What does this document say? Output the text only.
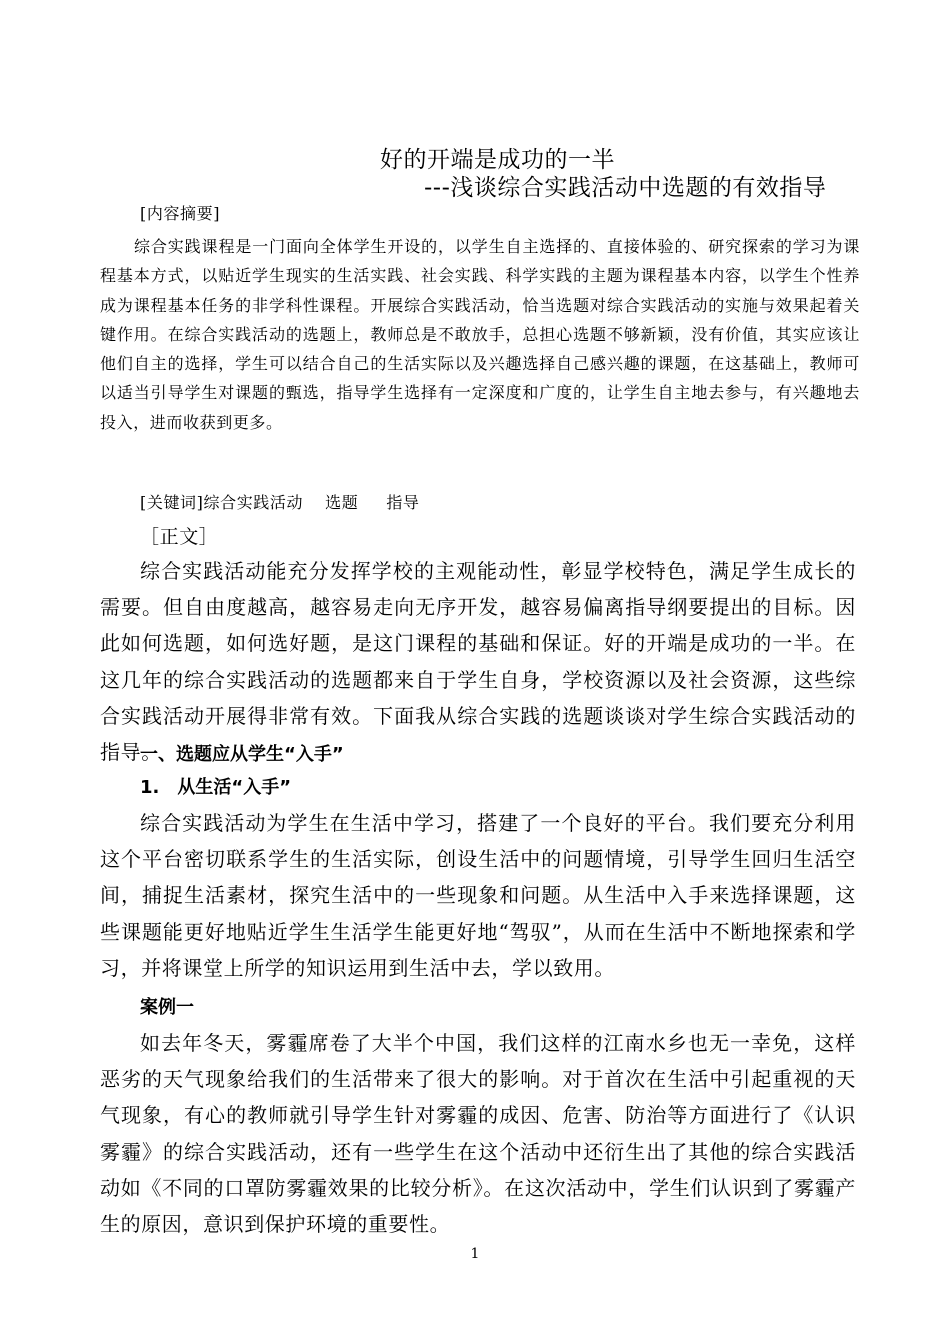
好的开端是成功的一半
---浅谈综合实践活动中选题的有效指导
[内容摘要]

综合实践课程是一门面向全体学生开设的，以学生自主选择的、直接体验的、研究探索的学习为课程基本方式，以贴近学生现实的生活实践、社会实践、科学实践的主题为课程基本内容，以学生个性养成为课程基本任务的非学科性课程。开展综合实践活动，恰当选题对综合实践活动的实施与效果起着关键作用。在综合实践活动的选题上，教师总是不敢放手，总担心选题不够新颖，没有价值，其实应该让他们自主的选择，学生可以结合自己的生活实际以及兴趣选择自己感兴趣的课题，在这基础上，教师可以适当引导学生对课题的甄选，指导学生选择有一定深度和广度的，让学生自主地去参与，有兴趣地去投入，进而收获到更多。

[关键词]综合实践活动 选题 指导
［正文］

综合实践活动能充分发挥学校的主观能动性，彰显学校特色，满足学生成长的需要。但自由度越高，越容易走向无序开发，越容易偏离指导纲要提出的目标。因此如何选题，如何选好题，是这门课程的基础和保证。好的开端是成功的一半。在这几年的综合实践活动的选题都来自于学生自身，学校资源以及社会资源，这些综合实践活动开展得非常有效。下面我从综合实践的选题谈谈对学生综合实践活动的指导。

一、选题应从学生“入手”
1. 从生活“入手”

综合实践活动为学生在生活中学习，搭建了一个良好的平台。我们要充分利用这个平台密切联系学生的生活实际，创设生活中的问题情境，引导学生回归生活空间，捕捉生活素材，探究生活中的一些现象和问题。从生活中入手来选择课题，这些课题能更好地贴近学生生活学生能更好地“驾驭”，从而在生活中不断地探索和学习，并将课堂上所学的知识运用到生活中去，学以致用。

案例一

如去年冬天，雾霾席卷了大半个中国，我们这样的江南水乡也无一幸免，这样恶劣的天气现象给我们的生活带来了很大的影响。对于首次在生活中引起重视的天气现象，有心的教师就引导学生针对雾霾的成因、危害、防治等方面进行了《认识雾霾》的综合实践活动，还有一些学生在这个活动中还衍生出了其他的综合实践活动如《不同的口罩防雾霾效果的比较分析》。在这次活动中，学生们认识到了雾霾产生的原因，意识到保护环境的重要性。

1
